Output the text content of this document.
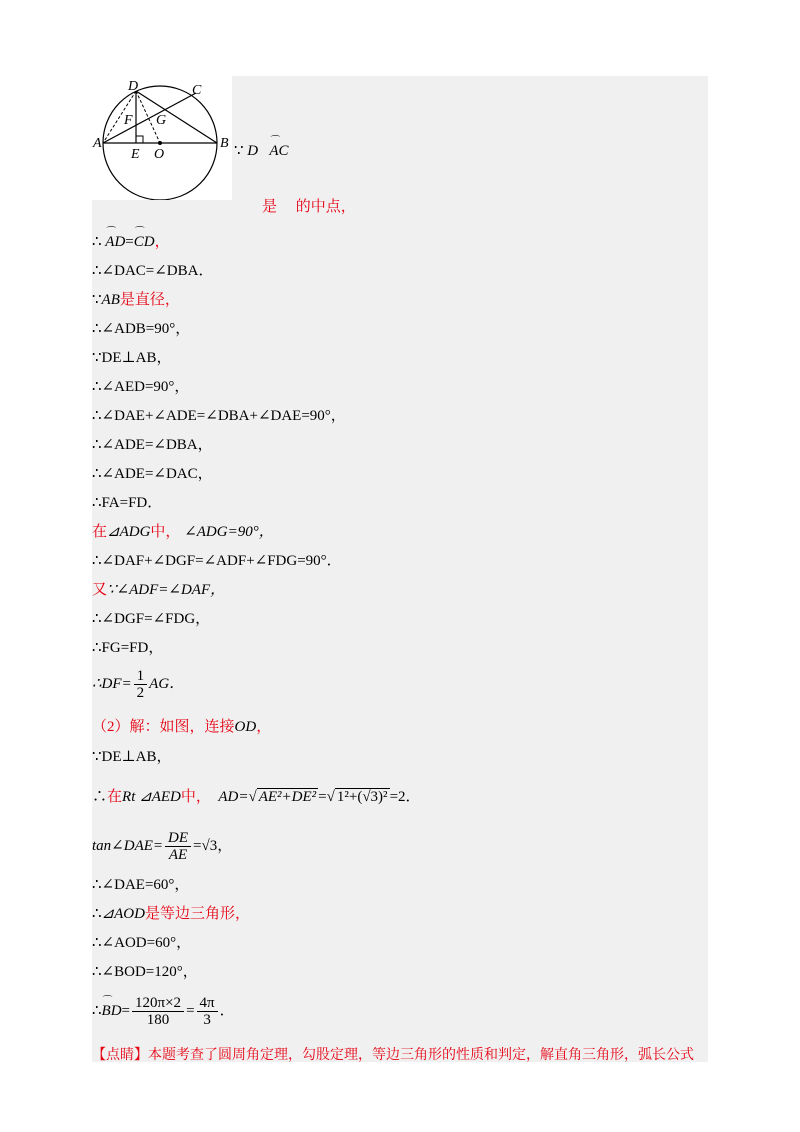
D	C
A	B
E O
F G
∵ D ⌒ AC
是 的中点，
∴ ⌒ AD=⌒ CD，
∴∠DAC=∠DBA．
∵AB是直径，
∴∠ADB=90°，
∵DE⊥AB，
∴∠AED=90°，
∴∠DAE+∠ADE=∠DBA+∠DAE=90°，
∴∠ADE=∠DBA，
∴∠ADE=∠DAC，
∴FA=FD．
在⊿ADG中， ∠ADG=90°，
∴∠DAF+∠DGF=∠ADF+∠FDG=90°．
又∵∠ADF=∠DAF，
∴∠DGF=∠FDG，
∴FG=FD，
∴DF= $\frac{1}{2}$ AG．
（2）解：如图，连接OD，
∵DE⊥AB，
∴在Rt ⊿AED中， AD=√ AE²+DE² =√ 1²+(√3)² =2．
tan∠DAE= $\frac{DE}{AE} =√3$，
∴∠DAE=60°，
∴⊿AOD是等边三角形，
∴∠AOD=60°，
∴∠BOD=120°，
∴⌒ $BD= \frac{120\pi\times 2}{180} = \frac{4\pi}{3}$ ．
【点睛】本题考查了圆周角定理，勾股定理，等边三角形的性质和判定，解直角三角形，弧长公式
